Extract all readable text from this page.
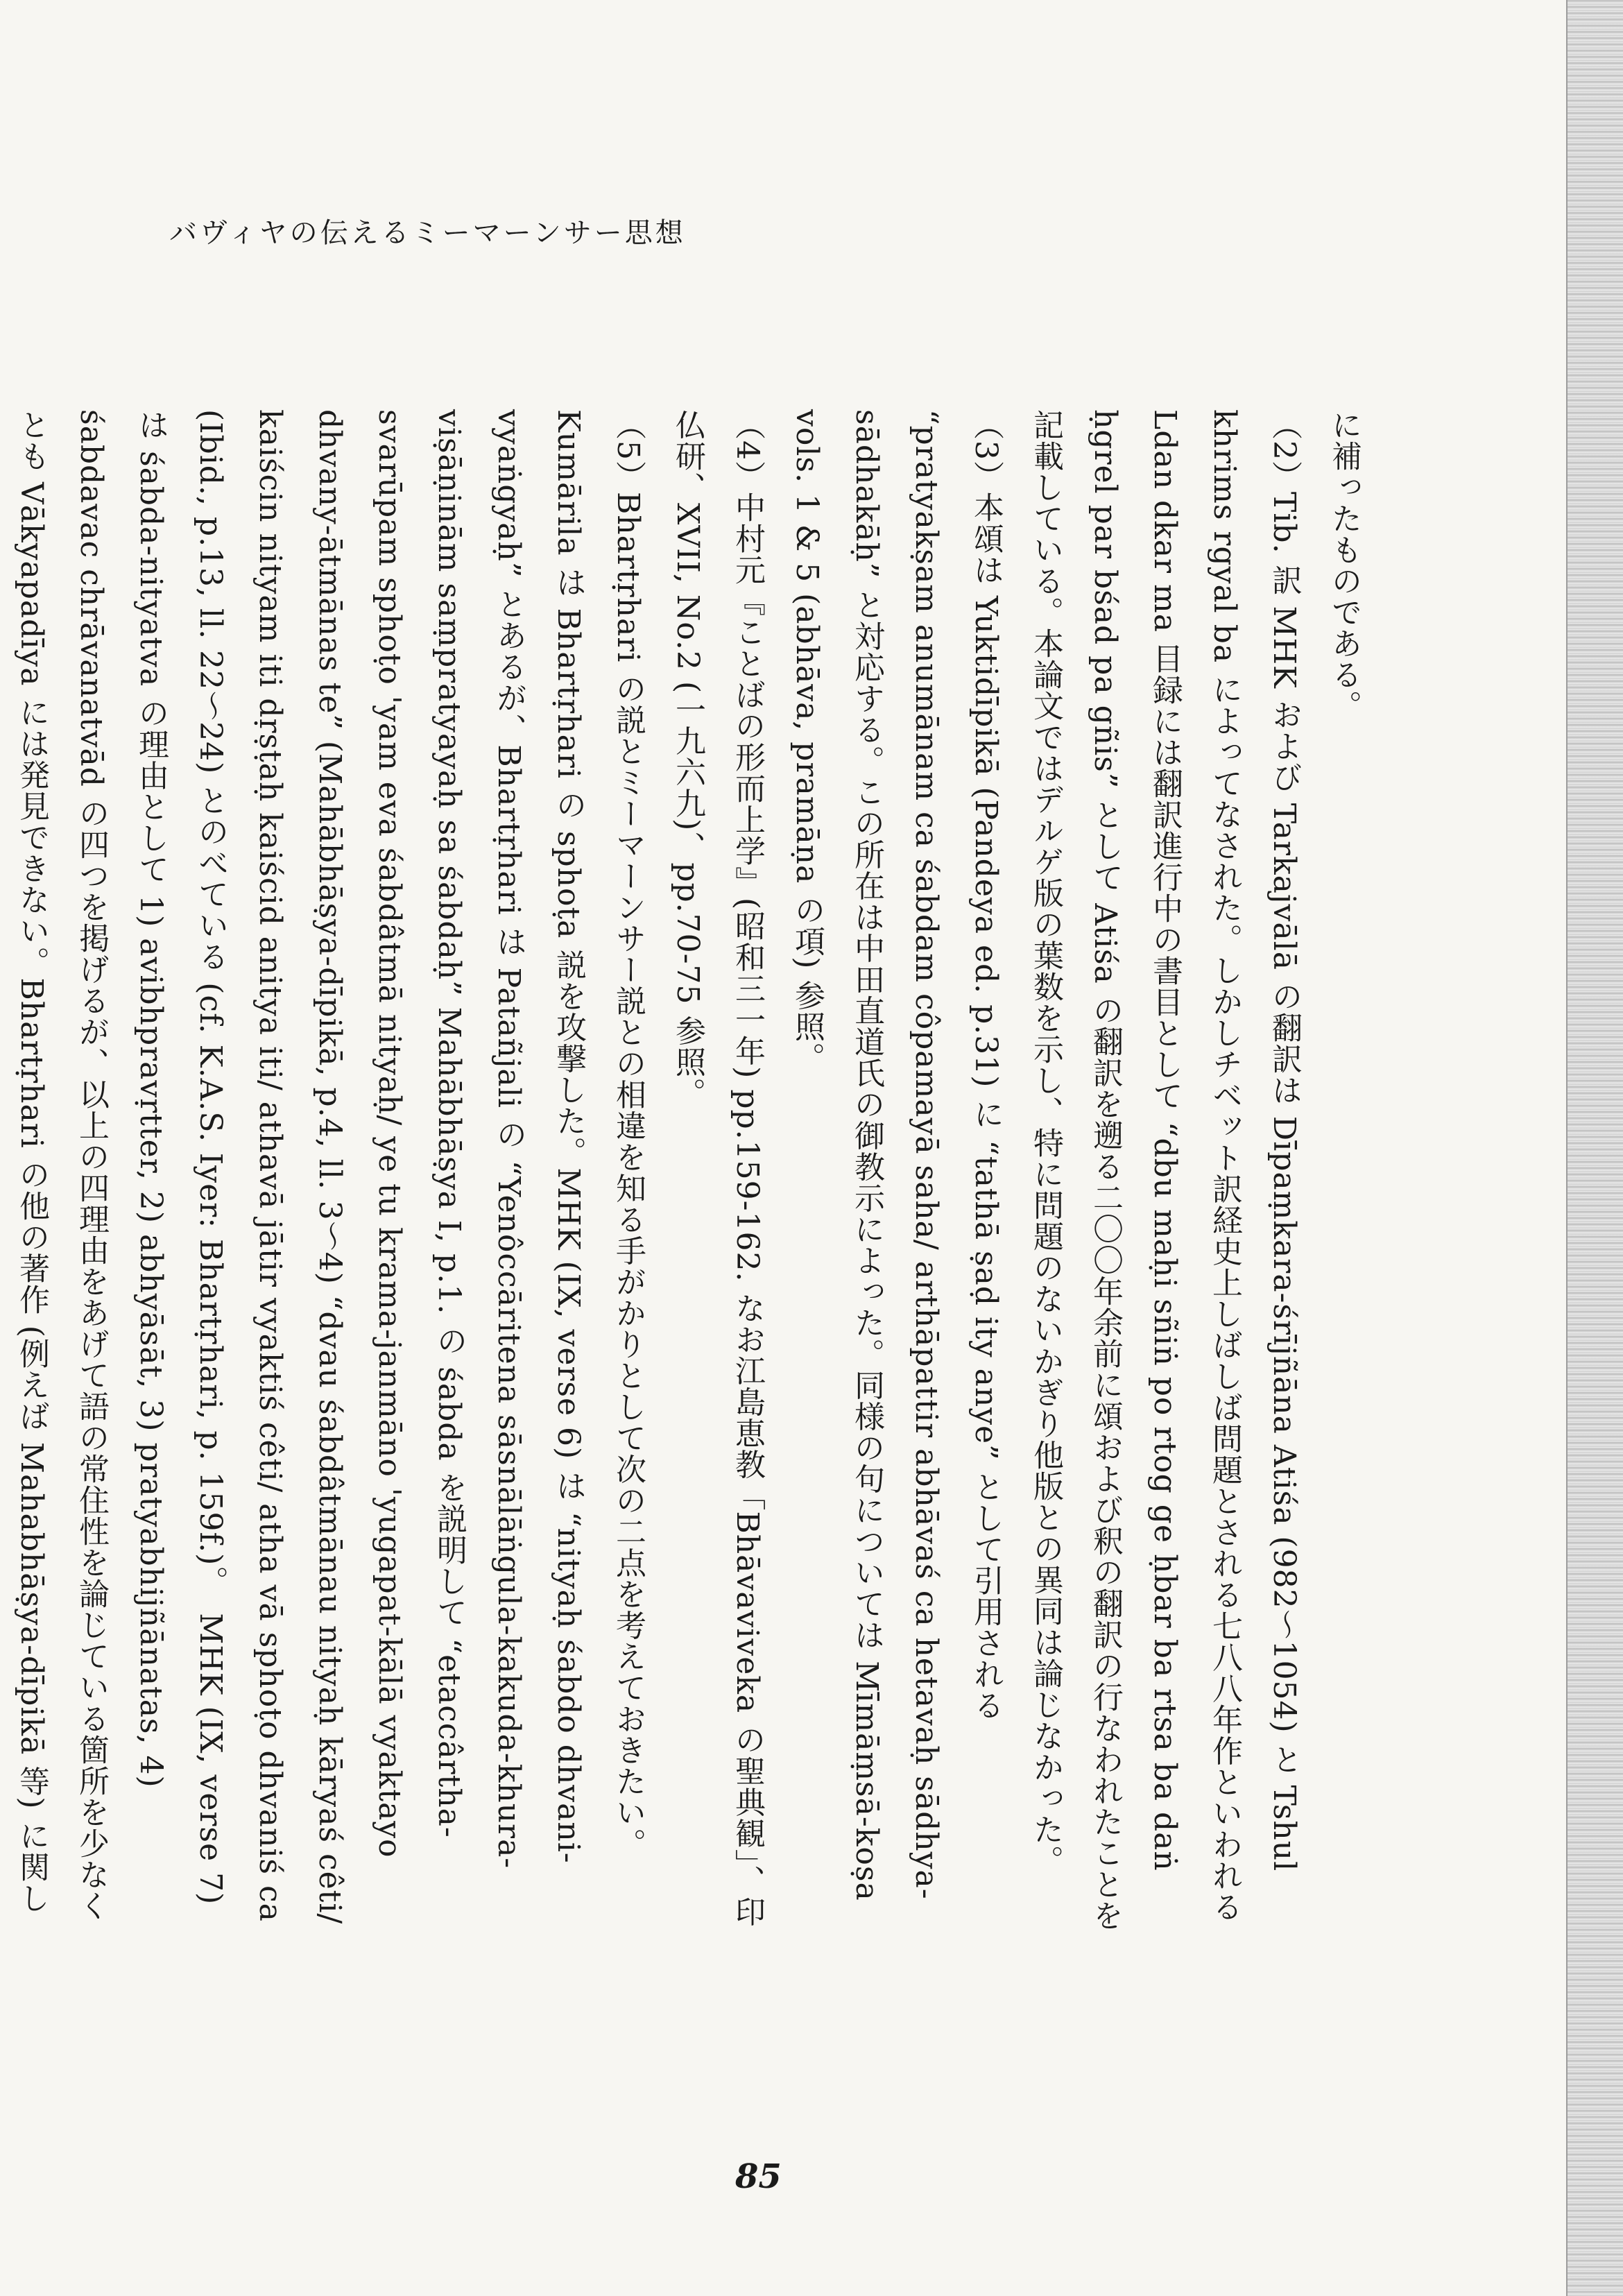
バヴィヤの伝えるミーマーンサー思想

に補ったものである。

（2）Tib. 訳 MHK および Tarkajvālā の翻訳は Dīpaṃkara-śrījñāna Atiśa (982～1054) と Tshul khrims rgyal ba によってなされた。しかしチベット訳経史上しばしば問題とされる七八八年作といわれる Ldan dkar ma 目録には翻訳進行中の書目として “dbu maḥi sñiṅ po rtog ge ḥbar ba rtsa ba daṅ ḥgrel par bśad pa gñis” として Atiśa の翻訳を遡る二〇〇年余前に頌および釈の翻訳の行なわれたことを記載している。本論文ではデルゲ版の葉数を示し、特に問題のないかぎり他版との異同は論じなかった。

（3）本頌は Yuktidīpikā (Pandeya ed. p.31) に “tathā ṣaḍ ity anye” として引用される “pratyakṣam anumānam ca śabdam côpamayā saha/ arthāpattir abhāvaś ca hetavaḥ sādhya-sādhakāḥ” と対応する。この所在は中田直道氏の御教示によった。同様の句については Mīmāṃsā-koṣa vols. 1 & 5 (abhāva, pramāṇa の項) 参照。

（4）中村元『ことばの形而上学』(昭和三一年) pp.159-162. なお江島恵教「Bhāvaviveka の聖典観」、印仏研、XVII, No.2 (一九六九)、pp.70-75 参照。

（5）Bhartṛhari の説とミーマーンサー説との相違を知る手がかりとして次の二点を考えておきたい。Kumārila は Bhartṛhari の sphoṭa 説を攻撃した。MHK (IX, verse 6) は “nityaḥ śabdo dhvani-vyaṅgyaḥ” とあるが、Bhartṛhari は Patañjali の “Yenôccāritena sāsnālāṅgula-kakuda-khura-viṣāṇinām saṃpratyayaḥ sa śabdaḥ” Mahābhāṣya I, p.1. の śabda を説明して “etaccârtha-svarūpam sphoṭo 'yam eva śabdâtmā nityaḥ/ ye tu krama-janmāno 'yugapat-kālā vyaktayo dhvany-ātmānas te” (Mahābhāṣya-dīpikā, p.4, ll. 3～4) “dvau śabdâtmānau nityaḥ kāryaś cêti/ kaiścin nityam iti dṛṣṭaḥ kaiścid anitya iti/ athavā jātir vyaktiś cêti/ atha vā sphoṭo dhvaniś ca (Ibid., p.13, ll. 22～24) とのべている (cf. K.A.S. Iyer: Bhartṛhari, p. 159f.)。　MHK (IX, verse 7) は śabda-nityatva の理由として 1) avibhpravṛtter, 2) abhyāsāt, 3) pratyabhijñānatas, 4) śabdavac chrāvanatvād の四つを掲げるが、以上の四理由をあげて語の常住性を論じている箇所を少なくとも Vākyapadīya には発見できない。Bhartṛhari の他の著作 (例えば Mahabhāṣya-dīpikā 等) に関し

85
